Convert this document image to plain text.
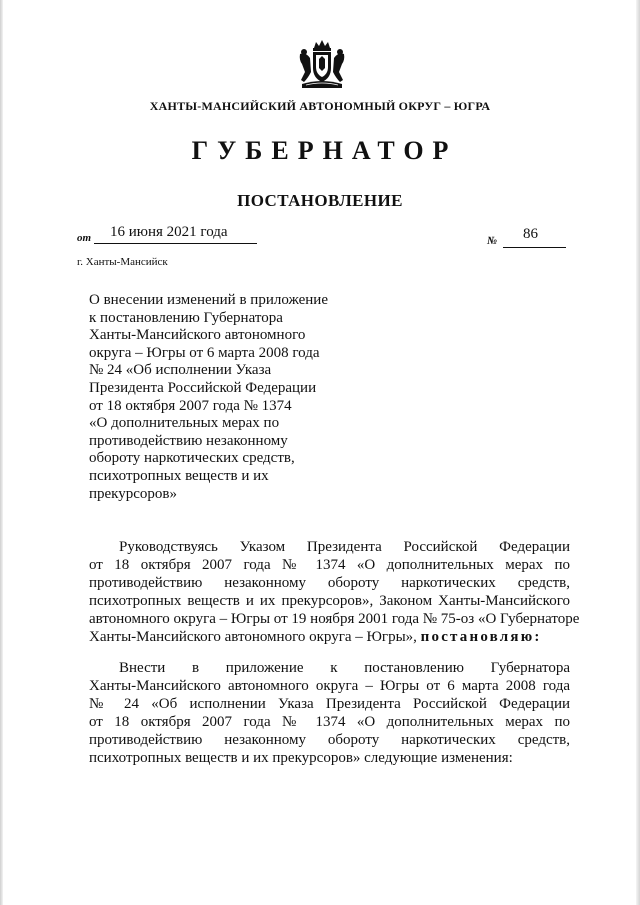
ХАНТЫ-МАНСИЙСКИЙ АВТОНОМНЫЙ ОКРУГ – ЮГРА
ГУБЕРНАТОР
ПОСТАНОВЛЕНИЕ
от 16 июня 2021 года
№ 86
г. Ханты-Мансийск
О внесении изменений в приложение
к постановлению Губернатора
Ханты-Мансийского автономного
округа – Югры от 6 марта 2008 года
№ 24 «Об исполнении Указа
Президента Российской Федерации
от 18 октября 2007 года № 1374
«О дополнительных мерах по
противодействию незаконному
обороту наркотических средств,
психотропных веществ и их
прекурсоров»
Руководствуясь Указом Президента Российской Федерации
от 18 октября 2007 года № 1374 «О дополнительных мерах по
противодействию незаконному обороту наркотических средств,
психотропных веществ и их прекурсоров», Законом Ханты-Мансийского
автономного округа – Югры от 19 ноября 2001 года № 75-оз «О Губернаторе
Ханты-Мансийского автономного округа – Югры», постановляю:
Внести в приложение к постановлению Губернатора
Ханты-Мансийского автономного округа – Югры от 6 марта 2008 года
№ 24 «Об исполнении Указа Президента Российской Федерации
от 18 октября 2007 года № 1374 «О дополнительных мерах по
противодействию незаконному обороту наркотических средств,
психотропных веществ и их прекурсоров» следующие изменения:
